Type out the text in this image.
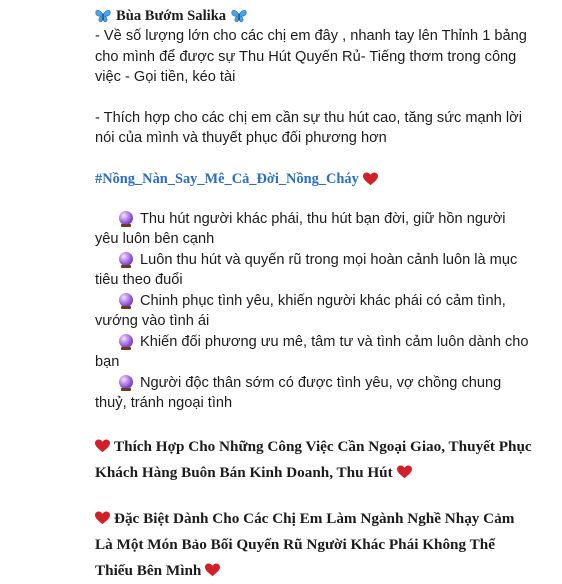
Bùa Bướm Salika
- Về số lượng lớn cho các chị em đây , nhanh tay lên Thỉnh 1 bảng cho mình để được sự Thu Hút Quyến Rủ- Tiếng thơm trong công việc - Gọi tiền, kéo tài
- Thích hợp cho các chị em cần sự thu hút cao, tăng sức mạnh lời nói của mình và thuyết phục đối phương hơn
#Nồng_Nàn_Say_Mê_Cả_Đời_Nồng_Cháy
Thu hút người khác phái, thu hút bạn đời, giữ hồn người yêu luôn bên cạnh
Luôn thu hút và quyến rũ trong mọi hoàn cảnh luôn là mục tiêu theo đuổi
Chinh phục tình yêu, khiến người khác phái có cảm tình, vướng vào tình ái
Khiến đối phương ưu mê, tâm tư và tình cảm luôn dành cho bạn
Người độc thân sớm có được tình yêu, vợ chồng chung thuỷ, tránh ngoại tình
Thích Hợp Cho Những Công Việc Cần Ngoại Giao, Thuyết Phục Khách Hàng Buôn Bán Kinh Doanh, Thu Hút
Đặc Biệt Dành Cho Các Chị Em Làm Ngành Nghề Nhạy Cảm Là Một Món Bảo Bối Quyến Rũ Người Khác Phái Không Thể Thiếu Bên Mình
